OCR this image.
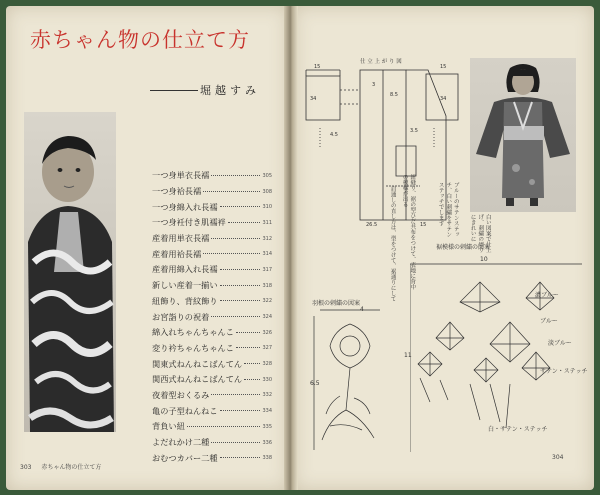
赤ちゃん物の仕立て方
堀越すみ
一つ身単衣長襦	305
一つ身袷長襦	308
一つ身綿入れ長襦	310
一つ身衽付き肌襦袢	311
産着用単衣長襦	312
産着用袷長襦	314
産着用綿入れ長襦	317
新しい産着一揃い	318
紐飾り、背紋飾り	322
お宮詣りの祝着	324
綿入れちゃんちゃんこ	326
変り衿ちゃんちゃんこ	327
関東式ねんねこばんてん	328
関西式ねんねこばんてん	330
夜着型おくるみ	332
亀の子型ねんねこ	334
背負い紐	335
よだれかけ二種	336
おむつカバー二種	338
303 赤ちゃん物の仕立て方
15
34
4.5
3
8.5
3.5
34
15
26.5	15
仕 立 上 が り 図
肩通しの直し方は、型をつけて、裾通りにして	紐縫り、裾の型ひだ共布をつけて、表地に背中の模様が出る	ブルーのサテンステッチ、白い刺繍をサテンステッチでします
白い図案で仕上げ、刺繍の周りにきれいに
裾模様の刺繍の図案
羽根の刺繍の図案
10
11
濃ブルー
ブルー
淡ブルー
サテン・ステッチ
白・サテン・ステッチ
4
6.5
304
